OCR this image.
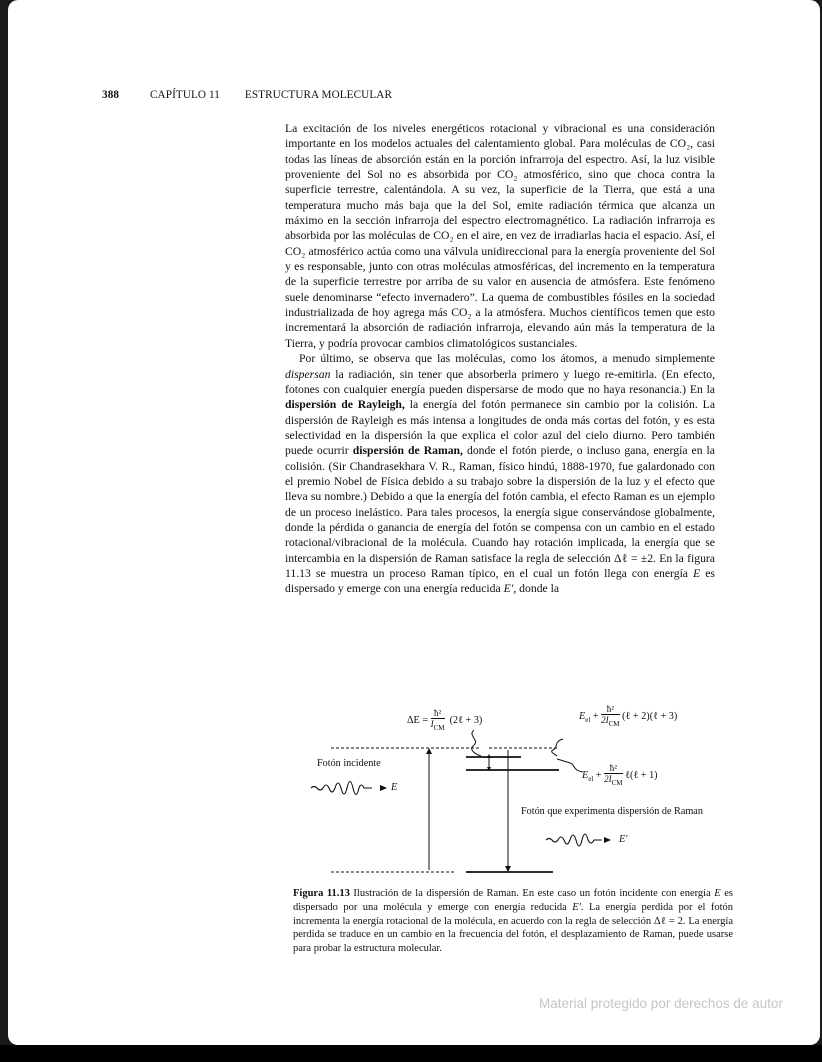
388	CAPÍTULO 11 ESTRUCTURA MOLECULAR

La excitación de los niveles energéticos rotacional y vibracional es una consideración importante en los modelos actuales del calentamiento global. Para moléculas de CO₂, casi todas las líneas de absorción están en la porción infrarroja del espectro. Así, la luz visible proveniente del Sol no es absorbida por CO₂ atmosférico, sino que choca contra la superficie terrestre, calentándola. A su vez, la superficie de la Tierra, que está a una temperatura mucho más baja que la del Sol, emite radiación térmica que alcanza un máximo en la sección infrarroja del espectro electromagnético. La radiación infrarroja es absorbida por las moléculas de CO₂ en el aire, en vez de irradiarlas hacia el espacio. Así, el CO₂ atmosférico actúa como una válvula unidireccional para la energía proveniente del Sol y es responsable, junto con otras moléculas atmosféricas, del incremento en la temperatura de la superficie terrestre por arriba de su valor en ausencia de atmósfera. Este fenómeno suele denominarse “efecto invernadero”. La quema de combustibles fósiles en la sociedad industrializada de hoy agrega más CO₂ a la atmósfera. Muchos científicos temen que esto incrementará la absorción de radiación infrarroja, elevando aún más la temperatura de la Tierra, y podría provocar cambios climatológicos sustanciales.

Por último, se observa que las moléculas, como los átomos, a menudo simplemente dispersan la radiación, sin tener que absorberla primero y luego re-emitirla. (En efecto, fotones con cualquier energía pueden dispersarse de modo que no haya resonancia.) En la dispersión de Rayleigh, la energía del fotón permanece sin cambio por la colisión. La dispersión de Rayleigh es más intensa a longitudes de onda más cortas del fotón, y es esta selectividad en la dispersión la que explica el color azul del cielo diurno. Pero también puede ocurrir dispersión de Raman, donde el fotón pierde, o incluso gana, energía en la colisión. (Sir Chandrasekhara V. R., Raman, físico hindú, 1888-1970, fue galardonado con el premio Nobel de Física debido a su trabajo sobre la dispersión de la luz y el efecto que lleva su nombre.) Debido a que la energía del fotón cambia, el efecto Raman es un ejemplo de un proceso inelástico. Para tales procesos, la energía sigue conservándose globalmente, donde la pérdida o ganancia de energía del fotón se compensa con un cambio en el estado rotacional/vibracional de la molécula. Cuando hay rotación implicada, la energía que se intercambia en la dispersión de Raman satisface la regla de selección Δℓ = ±2. En la figura 11.13 se muestra un proceso Raman típico, en el cual un fotón llega con energía E es dispersado y emerge con una energía reducida E′, donde la

ΔE =
ħ²
$I_{CM}$
(2ℓ + 3)	$E_{el}$ +
ħ²
$2I_{CM}$
(ℓ + 2)(ℓ + 3)
$E_{el}$ +
ħ²
$2I_{CM}$
ℓ(ℓ + 1)
Fotón incidente
E
Fotón que experimenta dispersión de Raman
E′
Figura 11.13 Ilustración de la dispersión de Raman. En este caso un fotón incidente con energía E es dispersado por una molécula y emerge con energía reducida E′. La energía perdida por el fotón incrementa la energía rotacional de la molécula, en acuerdo con la regla de selección Δℓ = 2. La energía perdida se traduce en un cambio en la frecuencia del fotón, el desplazamiento de Raman, puede usarse para probar la estructura molecular.
Material protegido por derechos de autor
